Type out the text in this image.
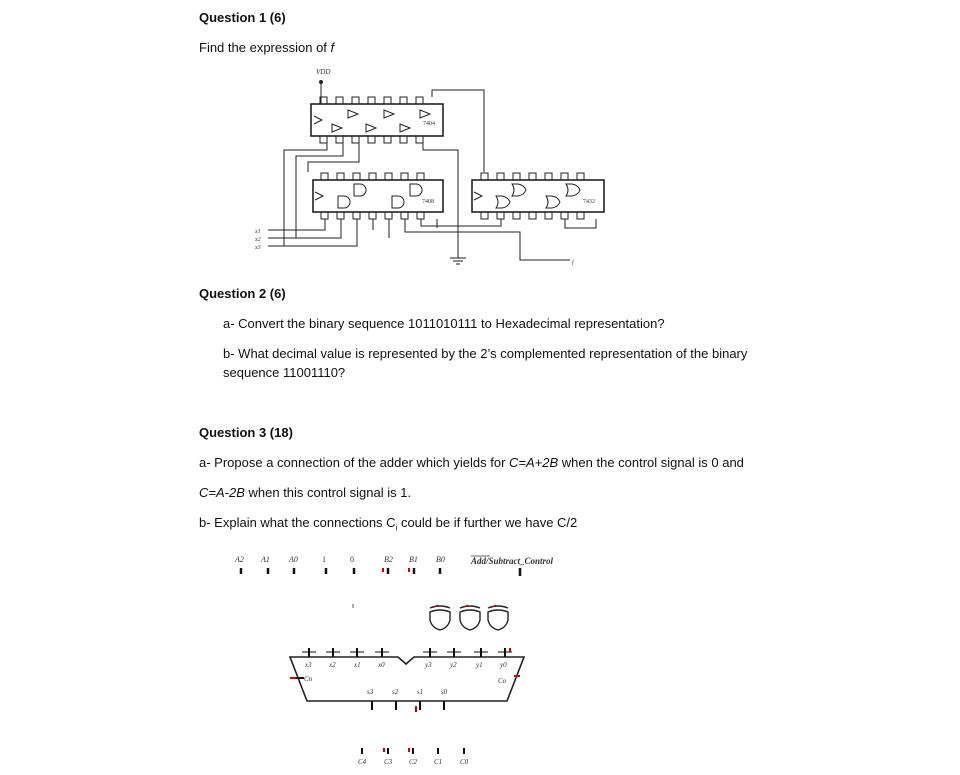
Question 1 (6)
Find the expression of f
VDD
7404
7408	7432
x1
x2
x3
f
Question 2 (6)
a- Convert the binary sequence 1011010111 to Hexadecimal representation?
b- What decimal value is represented by the 2’s complemented representation of the binary
sequence 11001110?
Question 3 (18)
a- Propose a connection of the adder which yields for C=A+2B when the control signal is 0 and
C=A-2B when this control signal is 1.
b- Explain what the connections $C_i$ could be if further we have C/2
A2 A1 A0	1	0	B2 B1 B0	Add/Subtract_Control
x3 x2	x1 x0	y3	y2	y1 y0
Cn	Co
s3	s2	s1	s0
C4	C3 C2 C1	C0
